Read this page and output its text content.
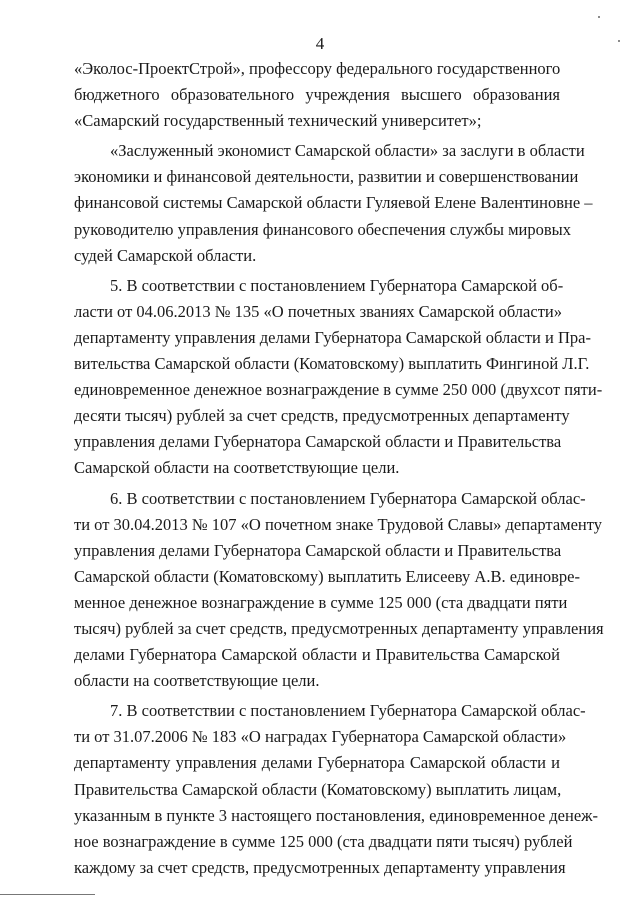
4
«Эколос-ПроектСтрой», профессору федерального государственного
бюджетного образовательного учреждения высшего образования
«Самарский государственный технический университет»;
«Заслуженный экономист Самарской области» за заслуги в области
экономики и финансовой деятельности, развитии и совершенствовании
финансовой системы Самарской области Гуляевой Елене Валентиновне –
руководителю управления финансового обеспечения службы мировых
судей Самарской области.
5. В соответствии с постановлением Губернатора Самарской об-
ласти от 04.06.2013 № 135 «О почетных званиях Самарской области»
департаменту управления делами Губернатора Самарской области и Пра-
вительства Самарской области (Коматовскому) выплатить Фингиной Л.Г.
единовременное денежное вознаграждение в сумме 250 000 (двухсот пяти-
десяти тысяч) рублей за счет средств, предусмотренных департаменту
управления делами Губернатора Самарской области и Правительства
Самарской области на соответствующие цели.
6. В соответствии с постановлением Губернатора Самарской облас-
ти от 30.04.2013 № 107 «О почетном знаке Трудовой Славы» департаменту
управления делами Губернатора Самарской области и Правительства
Самарской области (Коматовскому) выплатить Елисееву А.В. единовре-
менное денежное вознаграждение в сумме 125 000 (ста двадцати пяти
тысяч) рублей за счет средств, предусмотренных департаменту управления
делами Губернатора Самарской области и Правительства Самарской
области на соответствующие цели.
7. В соответствии с постановлением Губернатора Самарской облас-
ти от 31.07.2006 № 183 «О наградах Губернатора Самарской области»
департаменту управления делами Губернатора Самарской области и
Правительства Самарской области (Коматовскому) выплатить лицам,
указанным в пункте 3 настоящего постановления, единовременное денеж-
ное вознаграждение в сумме 125 000 (ста двадцати пяти тысяч) рублей
каждому за счет средств, предусмотренных департаменту управления
